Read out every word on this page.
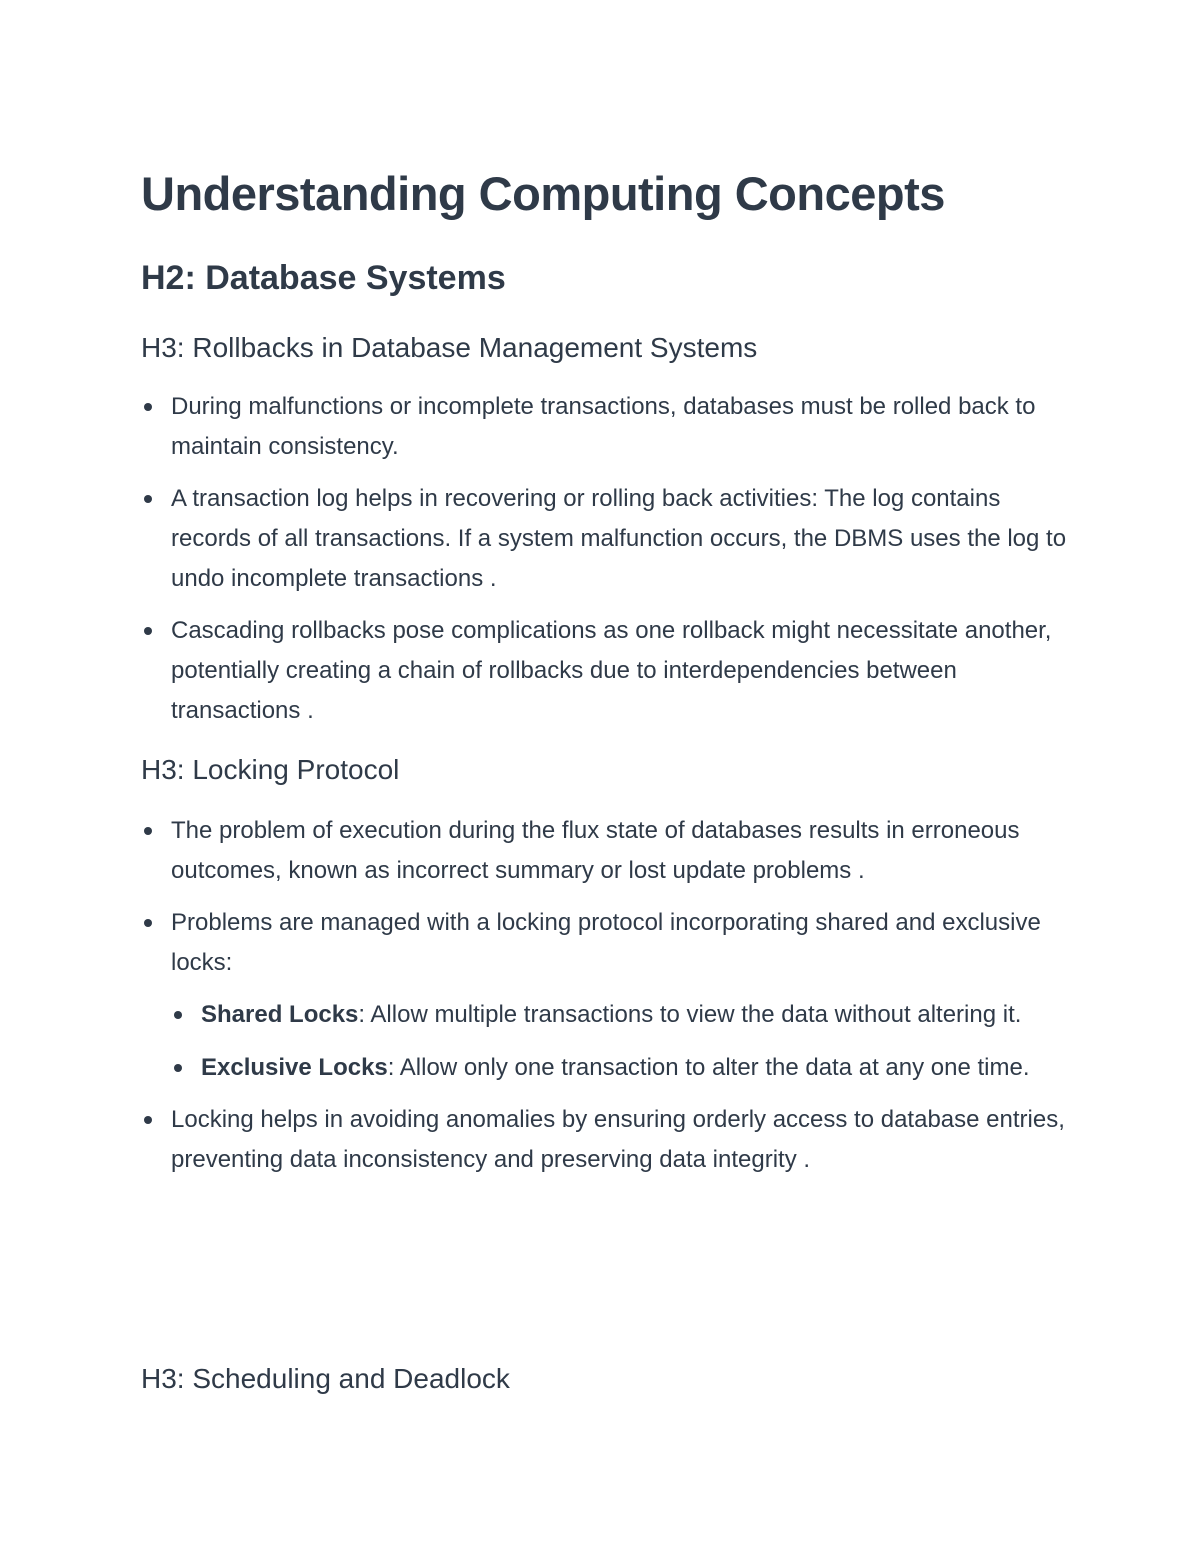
Understanding Computing Concepts
H2: Database Systems
H3: Rollbacks in Database Management Systems
During malfunctions or incomplete transactions, databases must be rolled back to maintain consistency.
A transaction log helps in recovering or rolling back activities: The log contains records of all transactions. If a system malfunction occurs, the DBMS uses the log to undo incomplete transactions .
Cascading rollbacks pose complications as one rollback might necessitate another, potentially creating a chain of rollbacks due to interdependencies between transactions .
H3: Locking Protocol
The problem of execution during the flux state of databases results in erroneous outcomes, known as incorrect summary or lost update problems .
Problems are managed with a locking protocol incorporating shared and exclusive locks:
Shared Locks: Allow multiple transactions to view the data without altering it.
Exclusive Locks: Allow only one transaction to alter the data at any one time.
Locking helps in avoiding anomalies by ensuring orderly access to database entries, preventing data inconsistency and preserving data integrity .
H3: Scheduling and Deadlock
